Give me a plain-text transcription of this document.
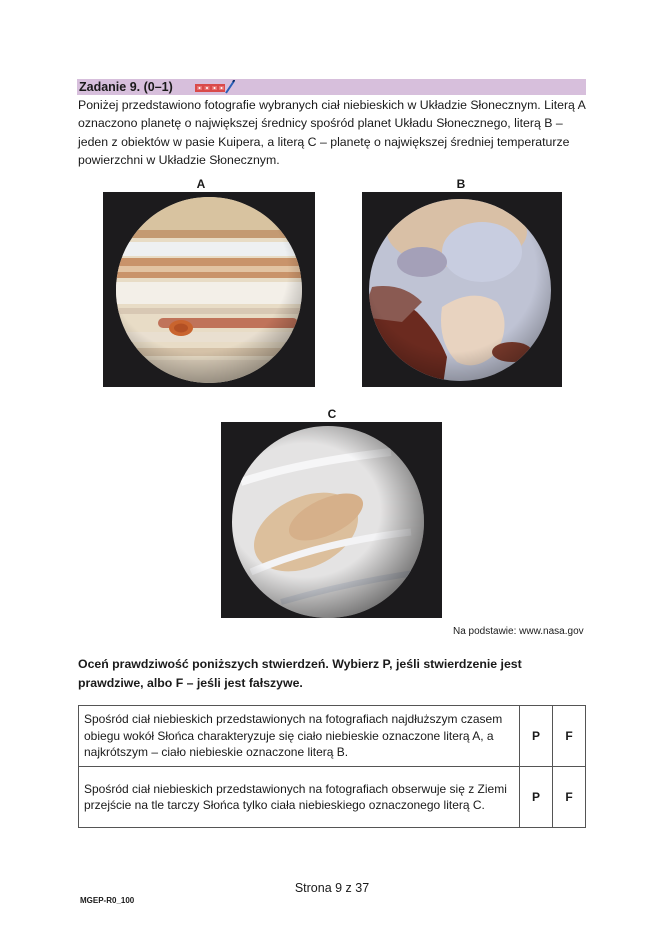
Zadanie 9. (0–1)
Poniżej przedstawiono fotografie wybranych ciał niebieskich w Układzie Słonecznym. Literą A oznaczono planetę o największej średnicy spośród planet Układu Słonecznego, literą B – jeden z obiektów w pasie Kuipera, a literą C – planetę o największej średniej temperaturze powierzchni w Układzie Słonecznym.
A	B
C
Na podstawie: www.nasa.gov
Oceń prawdziwość poniższych stwierdzeń. Wybierz P, jeśli stwierdzenie jest prawdziwe, albo F – jeśli jest fałszywe.
Spośród ciał niebieskich przedstawionych na fotografiach najdłuższym czasem obiegu wokół Słońca charakteryzuje się ciało niebieskie oznaczone literą A, a najkrótszym – ciało niebieskie oznaczone literą B.	P	F
Spośród ciał niebieskich przedstawionych na fotografiach obserwuje się z Ziemi przejście na tle tarczy Słońca tylko ciała niebieskiego oznaczonego literą C.	P	F
Strona 9 z 37
MGEP-R0_100
